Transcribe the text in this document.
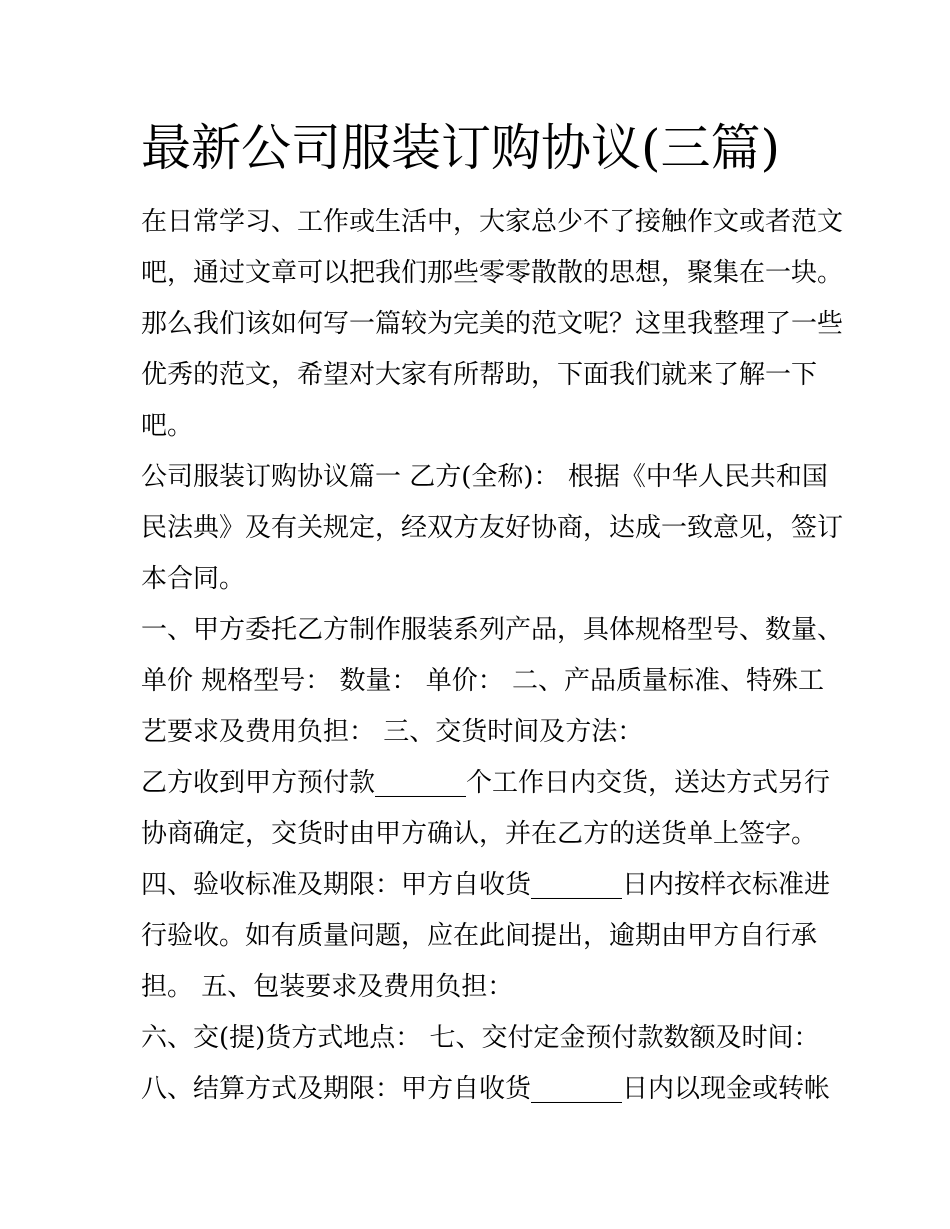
最新公司服装订购协议(三篇)

在日常学习、工作或生活中，大家总少不了接触作文或者范文

吧，通过文章可以把我们那些零零散散的思想，聚集在一块。

那么我们该如何写一篇较为完美的范文呢？这里我整理了一些

优秀的范文，希望对大家有所帮助，下面我们就来了解一下

吧。

公司服装订购协议篇一 乙方(全称)： 根据《中华人民共和国

民法典》及有关规定，经双方友好协商，达成一致意见，签订

本合同。

一、甲方委托乙方制作服装系列产品，具体规格型号、数量、

单价 规格型号： 数量： 单价： 二、产品质量标准、特殊工

艺要求及费用负担： 三、交货时间及方法：

乙方收到甲方预付款_______个工作日内交货，送达方式另行

协商确定，交货时由甲方确认，并在乙方的送货单上签字。

四、验收标准及期限：甲方自收货_______日内按样衣标准进

行验收。如有质量问题，应在此间提出，逾期由甲方自行承

担。 五、包装要求及费用负担：

六、交(提)货方式地点： 七、交付定金预付款数额及时间：

八、结算方式及期限：甲方自收货_______日内以现金或转帐
